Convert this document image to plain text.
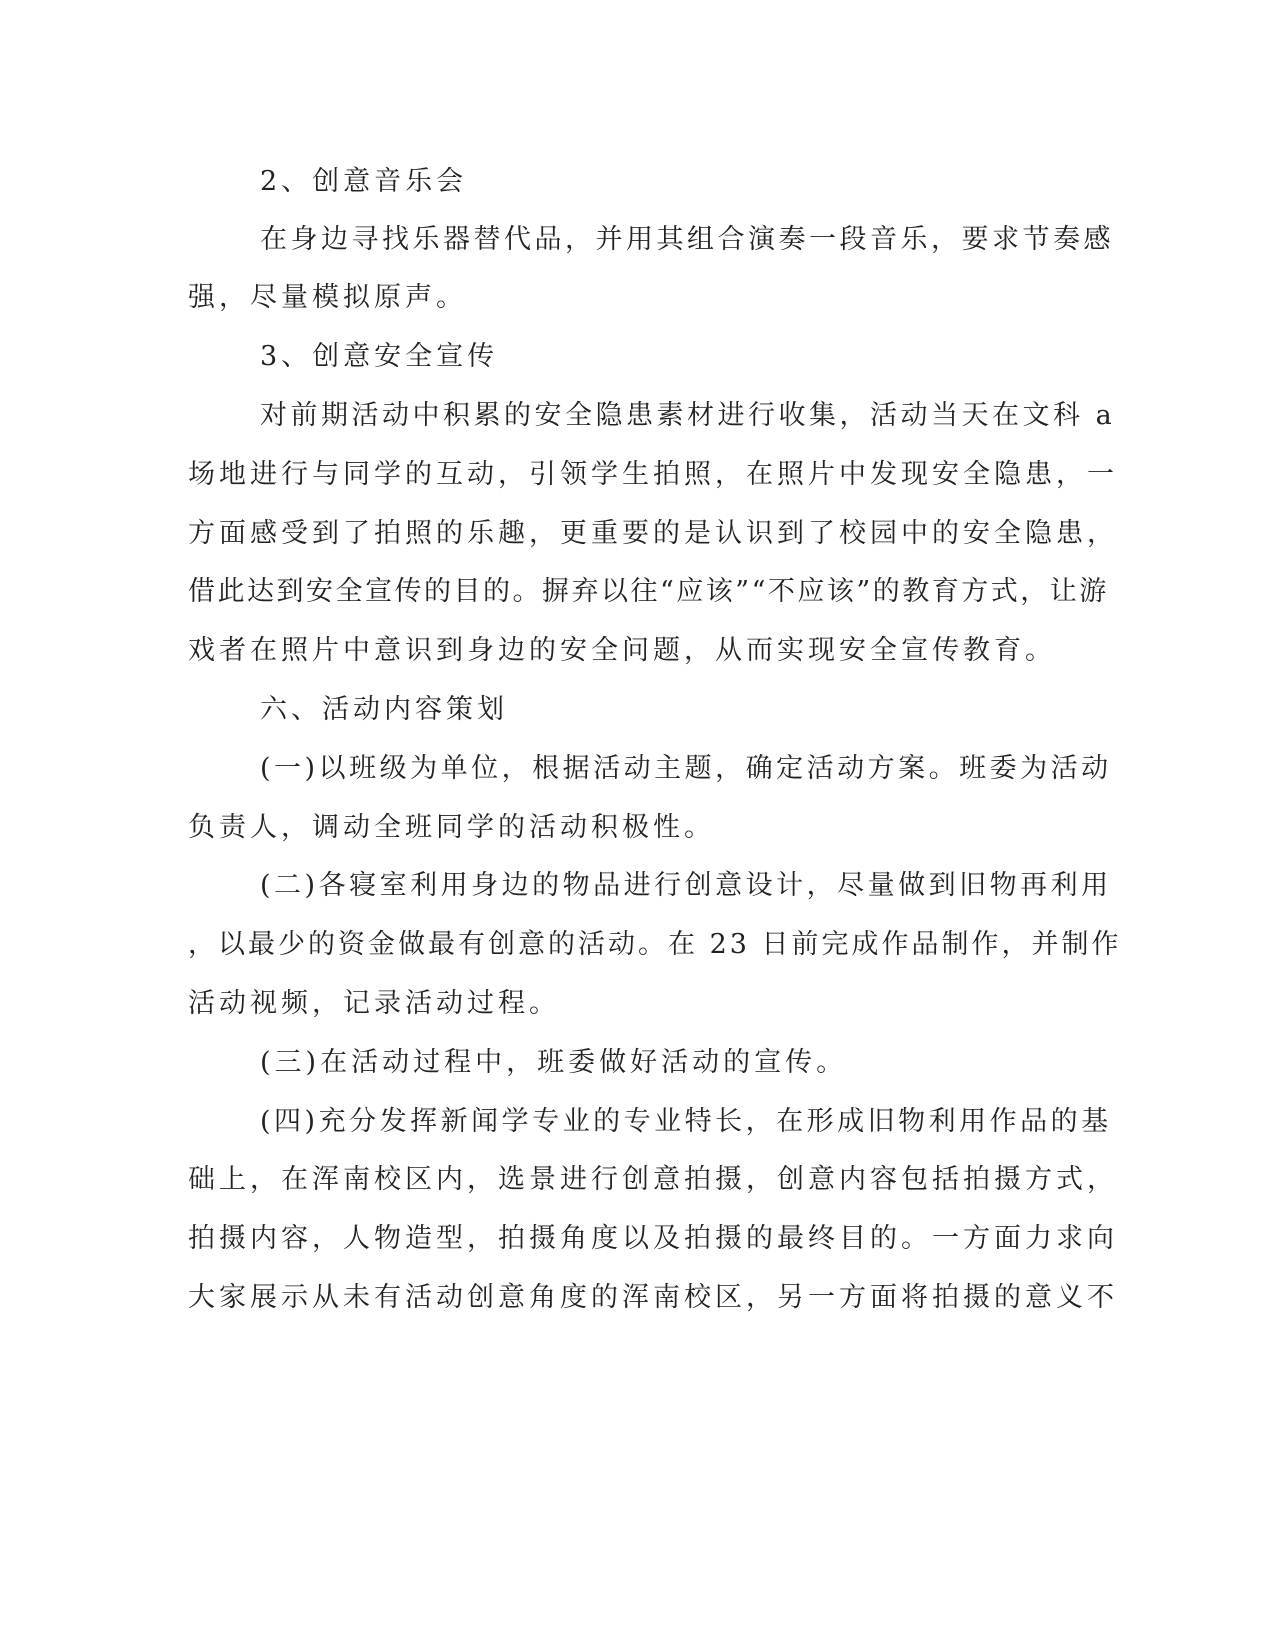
2、创意音乐会
在身边寻找乐器替代品，并用其组合演奏一段音乐，要求节奏感
强，尽量模拟原声。
3、创意安全宣传
对前期活动中积累的安全隐患素材进行收集，活动当天在文科 a
场地进行与同学的互动，引领学生拍照，在照片中发现安全隐患，一
方面感受到了拍照的乐趣，更重要的是认识到了校园中的安全隐患，
借此达到安全宣传的目的。摒弃以往“应该”“不应该”的教育方式，让游
戏者在照片中意识到身边的安全问题，从而实现安全宣传教育。
六、活动内容策划
(一)以班级为单位，根据活动主题，确定活动方案。班委为活动
负责人，调动全班同学的活动积极性。
(二)各寝室利用身边的物品进行创意设计，尽量做到旧物再利用
，以最少的资金做最有创意的活动。在 23 日前完成作品制作，并制作
活动视频，记录活动过程。
(三)在活动过程中，班委做好活动的宣传。
(四)充分发挥新闻学专业的专业特长，在形成旧物利用作品的基
础上，在浑南校区内，选景进行创意拍摄，创意内容包括拍摄方式，
拍摄内容，人物造型，拍摄角度以及拍摄的最终目的。一方面力求向
大家展示从未有活动创意角度的浑南校区，另一方面将拍摄的意义不
